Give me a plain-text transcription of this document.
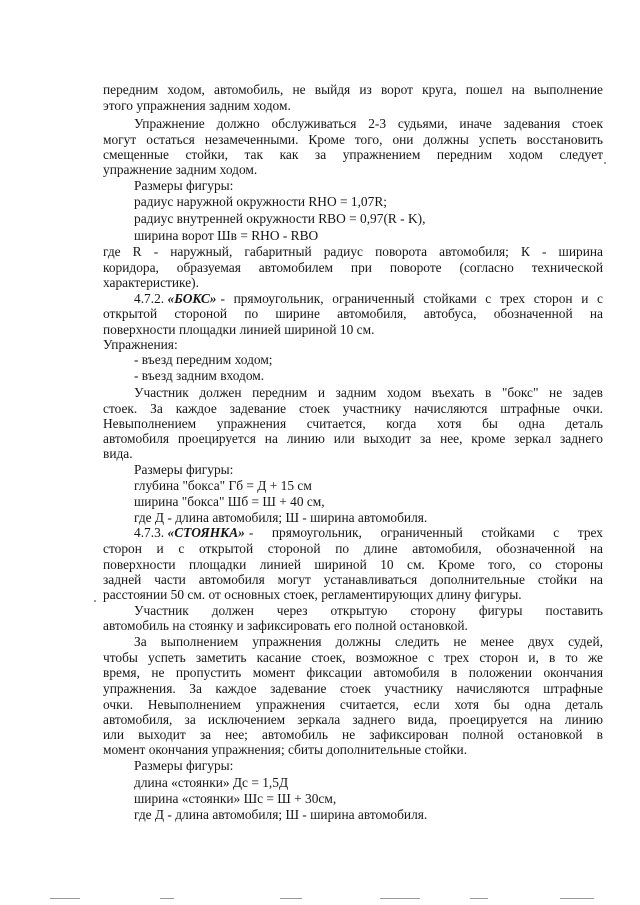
передним ходом, автомобиль, не выйдя из ворот круга, пошел на выполнение
этого упражнения задним ходом.
Упражнение должно обслуживаться 2-3 судьями, иначе задевания стоек
могут остаться незамеченными. Кроме того, они должны успеть восстановить
смещенные стойки, так как за упражнением передним ходом следует
упражнение задним ходом.
Размеры фигуры:
радиус наружной окружности RНО = 1,07R;
радиус внутренней окружности RВО = 0,97(R - K),
ширина ворот Шв = RНО - RВО
где R - наружный, габаритный радиус поворота автомобиля; К - ширина
коридора, образуемая автомобилем при повороте (согласно технической
характеристике).
4.7.2. «БОКС» - прямоугольник, ограниченный стойками с трех сторон и с
открытой стороной по ширине автомобиля, автобуса, обозначенной на
поверхности площадки линией шириной 10 см.
Упражнения:
- въезд передним ходом;
- въезд задним входом.
Участник должен передним и задним ходом въехать в "бокс" не задев
стоек. За каждое задевание стоек участнику начисляются штрафные очки.
Невыполнением упражнения считается, когда хотя бы одна деталь
автомобиля проецируется на линию или выходит за нее, кроме зеркал заднего
вида.
Размеры фигуры:
глубина "бокса" Гб = Д + 15 см
ширина "бокса" Шб = Ш + 40 см,
где Д - длина автомобиля; Ш - ширина автомобиля.
4.7.3. «СТОЯНКА» - прямоугольник, ограниченный стойками с трех
сторон и с открытой стороной по длине автомобиля, обозначенной на
поверхности площадки линией шириной 10 см. Кроме того, со стороны
задней части автомобиля могут устанавливаться дополнительные стойки на
расстоянии 50 см. от основных стоек, регламентирующих длину фигуры.
Участник должен через открытую сторону фигуры поставить
автомобиль на стоянку и зафиксировать его полной остановкой.
За выполнением упражнения должны следить не менее двух судей,
чтобы успеть заметить касание стоек, возможное с трех сторон и, в то же
время, не пропустить момент фиксации автомобиля в положении окончания
упражнения. За каждое задевание стоек участнику начисляются штрафные
очки. Невыполнением упражнения считается, если хотя бы одна деталь
автомобиля, за исключением зеркала заднего вида, проецируется на линию
или выходит за нее; автомобиль не зафиксирован полной остановкой в
момент окончания упражнения; сбиты дополнительные стойки.
Размеры фигуры:
длина «стоянки» Дс = 1,5Д
ширина «стоянки» Шс = Ш + 30см,
где Д - длина автомобиля; Ш - ширина автомобиля.
